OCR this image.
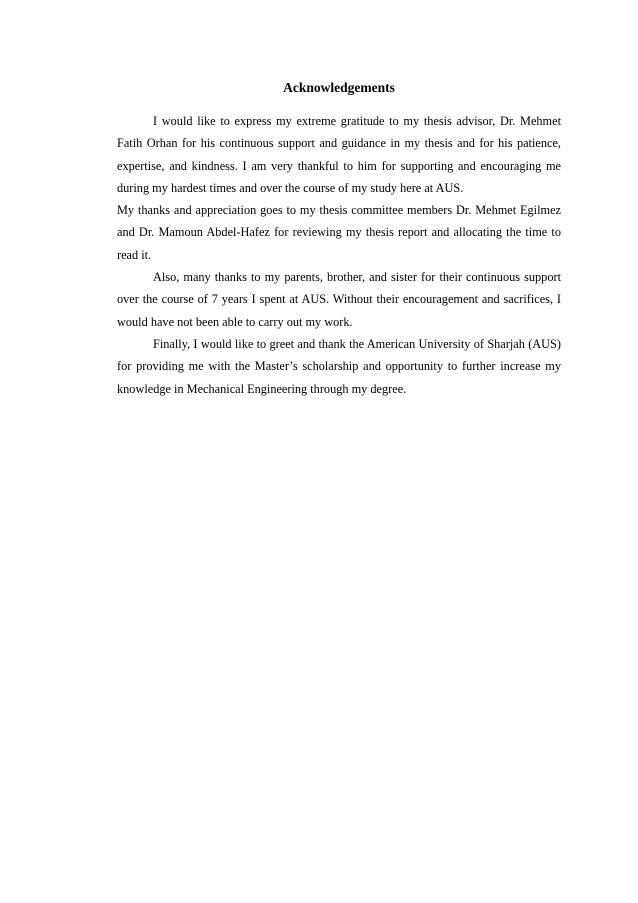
Acknowledgements

I would like to express my extreme gratitude to my thesis advisor, Dr. Mehmet Fatih Orhan for his continuous support and guidance in my thesis and for his patience, expertise, and kindness. I am very thankful to him for supporting and encouraging me during my hardest times and over the course of my study here at AUS.

My thanks and appreciation goes to my thesis committee members Dr. Mehmet Egilmez and Dr. Mamoun Abdel-Hafez for reviewing my thesis report and allocating the time to read it.

Also, many thanks to my parents, brother, and sister for their continuous support over the course of 7 years I spent at AUS. Without their encouragement and sacrifices, I would have not been able to carry out my work.

Finally, I would like to greet and thank the American University of Sharjah (AUS) for providing me with the Master’s scholarship and opportunity to further increase my knowledge in Mechanical Engineering through my degree.
